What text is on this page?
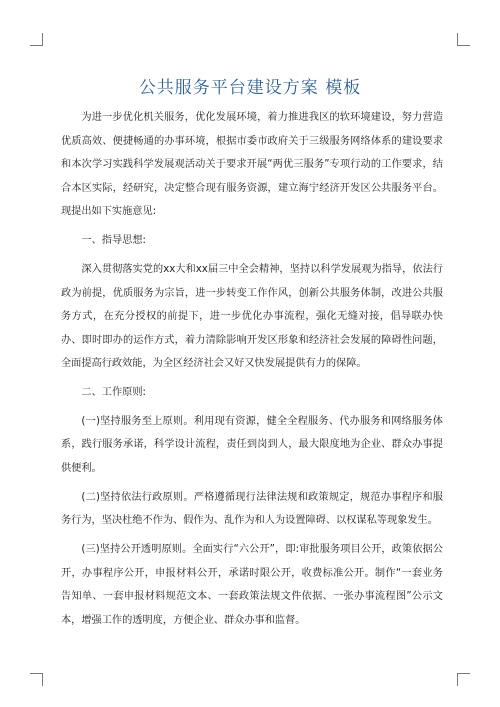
公共服务平台建设方案 模板

为进一步优化机关服务，优化发展环境，着力推进我区的软环境建设，努力营造优质高效、便捷畅通的办事环境，根据市委市政府关于三级服务网络体系的建设要求和本次学习实践科学发展观活动关于要求开展“两优三服务”专项行动的工作要求，结合本区实际，经研究，决定整合现有服务资源，建立海宁经济开发区公共服务平台。现提出如下实施意见:

一、指导思想:

深入贯彻落实党的xx大和xx届三中全会精神，坚持以科学发展观为指导，依法行政为前提，优质服务为宗旨，进一步转变工作作风，创新公共服务体制，改进公共服务方式，在充分授权的前提下，进一步优化办事流程，强化无缝对接，倡导联办快办、即时即办的运作方式，着力清除影响开发区形象和经济社会发展的障碍性问题，全面提高行政效能，为全区经济社会又好又快发展提供有力的保障。

二、工作原则:

(一)坚持服务至上原则。利用现有资源，健全全程服务、代办服务和网络服务体系，践行服务承诺，科学设计流程，责任到岗到人，最大限度地为企业、群众办事提供便利。

(二)坚持依法行政原则。严格遵循现行法律法规和政策规定，规范办事程序和服务行为，坚决杜绝不作为、假作为、乱作为和人为设置障碍、以权谋私等现象发生。

(三)坚持公开透明原则。全面实行“六公开”，即:审批服务项目公开，政策依据公开，办事程序公开，申报材料公开，承诺时限公开，收费标准公开。制作“一套业务告知单、一套申报材料规范文本、一套政策法规文件依据、一张办事流程图”公示文本，增强工作的透明度，方便企业、群众办事和监督。
